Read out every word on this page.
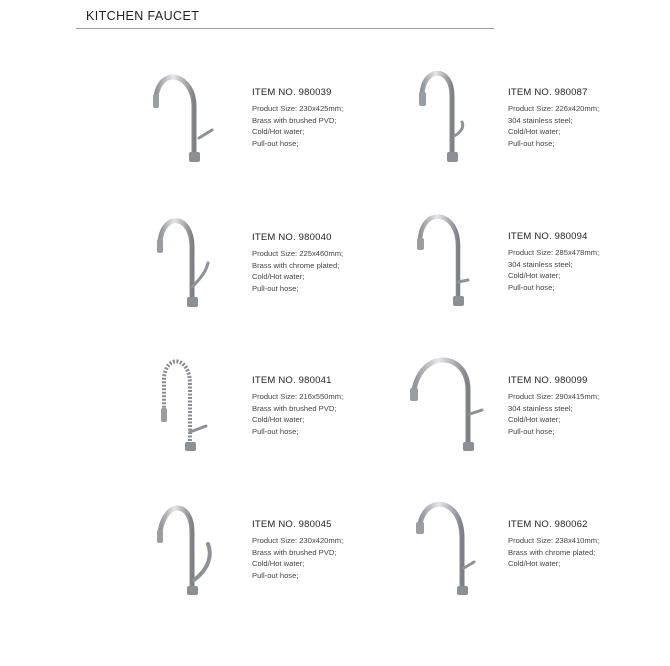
KITCHEN FAUCET
ITEM NO. 980039
Product Size: 230x425mm;
Brass with brushed PVD;
Cold/Hot water;
Pull-out hose;
ITEM NO. 980040
Product Size: 225x460mm;
Brass with chrome plated;
Cold/Hot water;
Pull-out hose;
ITEM NO. 980041
Product Size: 216x550mm;
Brass with brushed PVD;
Cold/Hot water;
Pull-out hose;
ITEM NO. 980045
Product Size: 230x420mm;
Brass with brushed PVD;
Cold/Hot water;
Pull-out hose;
ITEM NO. 980087
Product Size: 226x420mm;
304 stainless steel;
Cold/Hot water;
Pull-out hose;
ITEM NO. 980094
Product Size: 285x478mm;
304 stainless steel;
Cold/Hot water;
Pull-out hose;
ITEM NO. 980099
Product Size: 290x415mm;
304 stainless steel;
Cold/Hot water;
Pull-out hose;
ITEM NO. 980062
Product Size: 238x410mm;
Brass with chrome plated;
Cold/Hot water;
